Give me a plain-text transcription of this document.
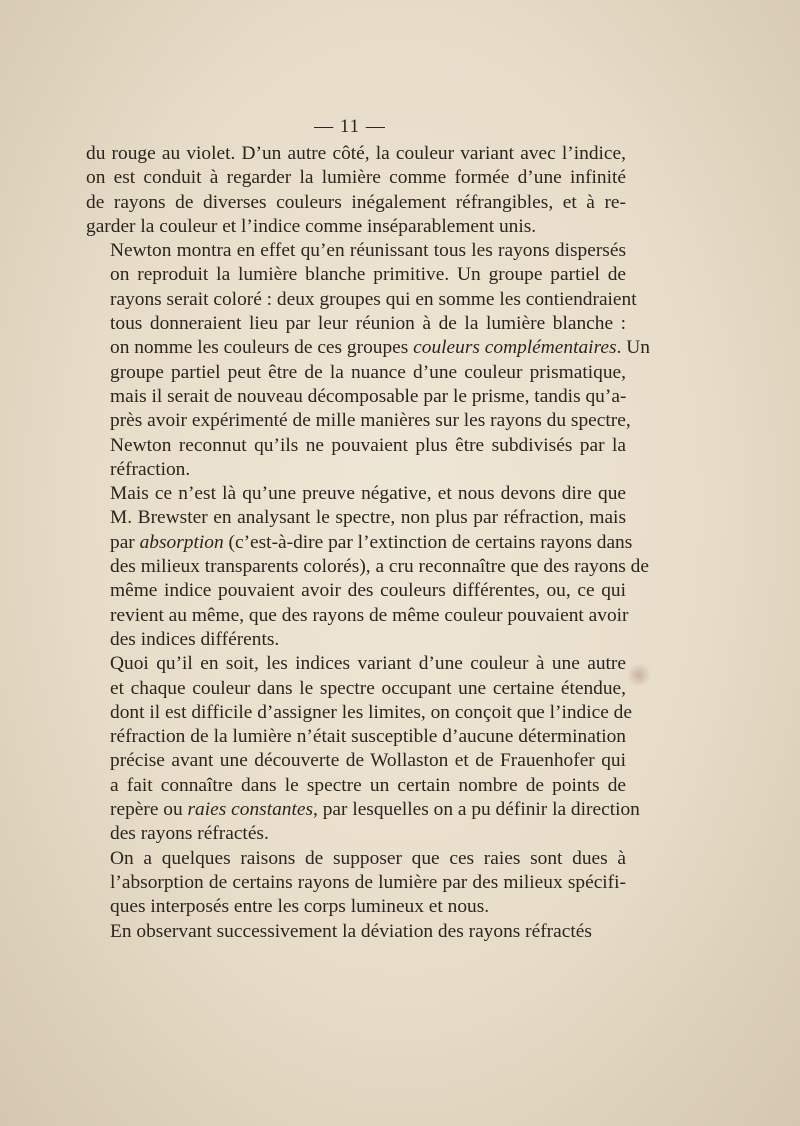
— 11 —
du rouge au violet. D’un autre côté, la couleur variant avec l’indice,
on est conduit à regarder la lumière comme formée d’une infinité
de rayons de diverses couleurs inégalement réfrangibles, et à re-
garder la couleur et l’indice comme inséparablement unis.
Newton montra en effet qu’en réunissant tous les rayons dispersés
on reproduit la lumière blanche primitive. Un groupe partiel de
rayons serait coloré : deux groupes qui en somme les contiendraient
tous donneraient lieu par leur réunion à de la lumière blanche :
on nomme les couleurs de ces groupes couleurs complémentaires. Un
groupe partiel peut être de la nuance d’une couleur prismatique,
mais il serait de nouveau décomposable par le prisme, tandis qu’a-
près avoir expérimenté de mille manières sur les rayons du spectre,
Newton reconnut qu’ils ne pouvaient plus être subdivisés par la
réfraction.
Mais ce n’est là qu’une preuve négative, et nous devons dire que
M. Brewster en analysant le spectre, non plus par réfraction, mais
par absorption (c’est-à-dire par l’extinction de certains rayons dans
des milieux transparents colorés), a cru reconnaître que des rayons de
même indice pouvaient avoir des couleurs différentes, ou, ce qui
revient au même, que des rayons de même couleur pouvaient avoir
des indices différents.
Quoi qu’il en soit, les indices variant d’une couleur à une autre
et chaque couleur dans le spectre occupant une certaine étendue,
dont il est difficile d’assigner les limites, on conçoit que l’indice de
réfraction de la lumière n’était susceptible d’aucune détermination
précise avant une découverte de Wollaston et de Frauenhofer qui
a fait connaître dans le spectre un certain nombre de points de
repère ou raies constantes, par lesquelles on a pu définir la direction
des rayons réfractés.
On a quelques raisons de supposer que ces raies sont dues à
l’absorption de certains rayons de lumière par des milieux spécifi-
ques interposés entre les corps lumineux et nous.
En observant successivement la déviation des rayons réfractés
